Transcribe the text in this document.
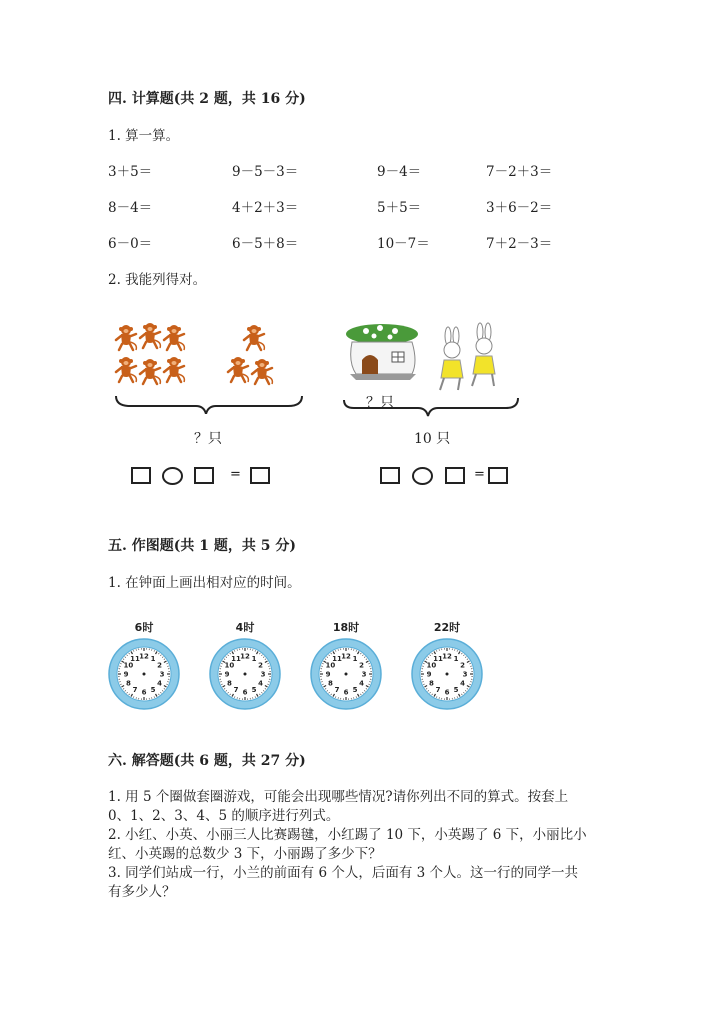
四. 计算题(共 2 题，共 16 分)
1. 算一算。
3＋5＝	9－5－3＝	9－4＝	7－2＋3＝
8－4＝	4＋2＋3＝	5＋5＝	3＋6－2＝
6－0＝	6－5＋8＝	10－7＝	7＋2－3＝
2. 我能列得对。
？只
=
？只
10 只
=
五. 作图题(共 1 题，共 5 分)
1. 在钟面上画出相对应的时间。
6时	4时	18时	22时
12 1
2
3
4
5
6
7
8
9
10
11	12 1
2
3
4
5
6
7
8
9
10
11	12 1
2
3
4
5
6
7
8
9
10
11	12 1
2
3
4
5
6
7
8
9
10
11
六. 解答题(共 6 题，共 27 分)
1. 用 5 个圈做套圈游戏，可能会出现哪些情况?请你列出不同的算式。按套上
0、1、2、3、4、5 的顺序进行列式。
2. 小红、小英、小丽三人比赛踢毽，小红踢了 10 下，小英踢了 6 下，小丽比小
红、小英踢的总数少 3 下，小丽踢了多少下？
3. 同学们站成一行，小兰的前面有 6 个人，后面有 3 个人。这一行的同学一共
有多少人？
